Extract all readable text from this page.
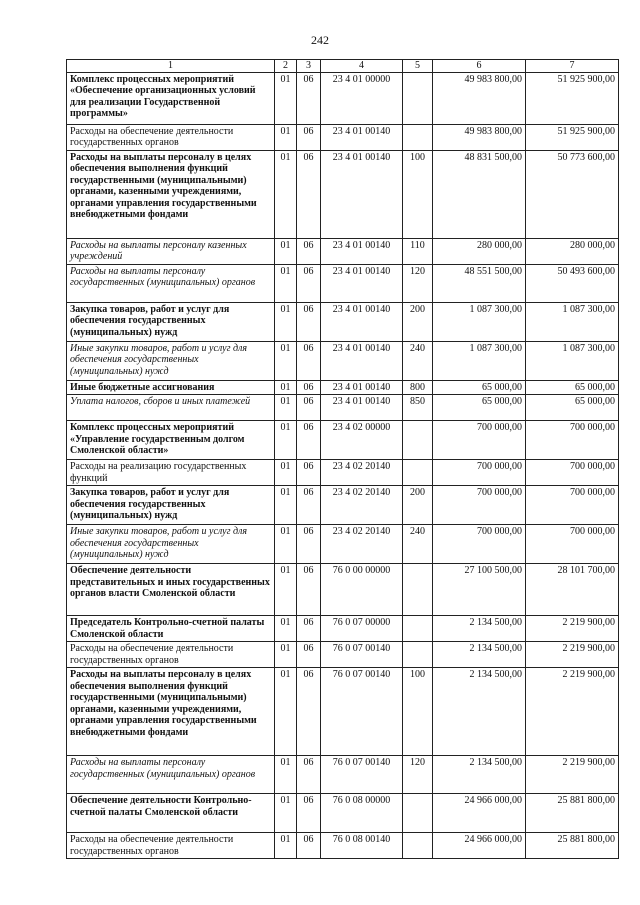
242
1	2	3	4	5	6	7
Комплекс процессных мероприятий «Обеспечение организационных условий для реализации Государственной программы»	01	06	23 4 01 00000		49 983 800,00	51 925 900,00
Расходы на обеспечение деятельности государственных органов	01	06	23 4 01 00140		49 983 800,00	51 925 900,00
Расходы на выплаты персоналу в целях обеспечения выполнения функций государственными (муниципальными) органами, казенными учреждениями, органами управления государственными внебюджетными фондами	01	06	23 4 01 00140	100	48 831 500,00	50 773 600,00
Расходы на выплаты персоналу казенных учреждений	01	06	23 4 01 00140	110	280 000,00	280 000,00
Расходы на выплаты персоналу государственных (муниципальных) органов	01	06	23 4 01 00140	120	48 551 500,00	50 493 600,00
Закупка товаров, работ и услуг для обеспечения государственных (муниципальных) нужд	01	06	23 4 01 00140	200	1 087 300,00	1 087 300,00
Иные закупки товаров, работ и услуг для обеспечения государственных (муниципальных) нужд	01	06	23 4 01 00140	240	1 087 300,00	1 087 300,00
Иные бюджетные ассигнования	01	06	23 4 01 00140	800	65 000,00	65 000,00
Уплата налогов, сборов и иных платежей	01	06	23 4 01 00140	850	65 000,00	65 000,00
Комплекс процессных мероприятий «Управление государственным долгом Смоленской области»	01	06	23 4 02 00000		700 000,00	700 000,00
Расходы на реализацию государственных функций	01	06	23 4 02 20140		700 000,00	700 000,00
Закупка товаров, работ и услуг для обеспечения государственных (муниципальных) нужд	01	06	23 4 02 20140	200	700 000,00	700 000,00
Иные закупки товаров, работ и услуг для обеспечения государственных (муниципальных) нужд	01	06	23 4 02 20140	240	700 000,00	700 000,00
Обеспечение деятельности представительных и иных государственных органов власти Смоленской области	01	06	76 0 00 00000		27 100 500,00	28 101 700,00
Председатель Контрольно-счетной палаты Смоленской области	01	06	76 0 07 00000		2 134 500,00	2 219 900,00
Расходы на обеспечение деятельности государственных органов	01	06	76 0 07 00140		2 134 500,00	2 219 900,00
Расходы на выплаты персоналу в целях обеспечения выполнения функций государственными (муниципальными) органами, казенными учреждениями, органами управления государственными внебюджетными фондами	01	06	76 0 07 00140	100	2 134 500,00	2 219 900,00
Расходы на выплаты персоналу государственных (муниципальных) органов	01	06	76 0 07 00140	120	2 134 500,00	2 219 900,00
Обеспечение деятельности Контрольно-счетной палаты Смоленской области	01	06	76 0 08 00000		24 966 000,00	25 881 800,00
Расходы на обеспечение деятельности государственных органов	01	06	76 0 08 00140		24 966 000,00	25 881 800,00
